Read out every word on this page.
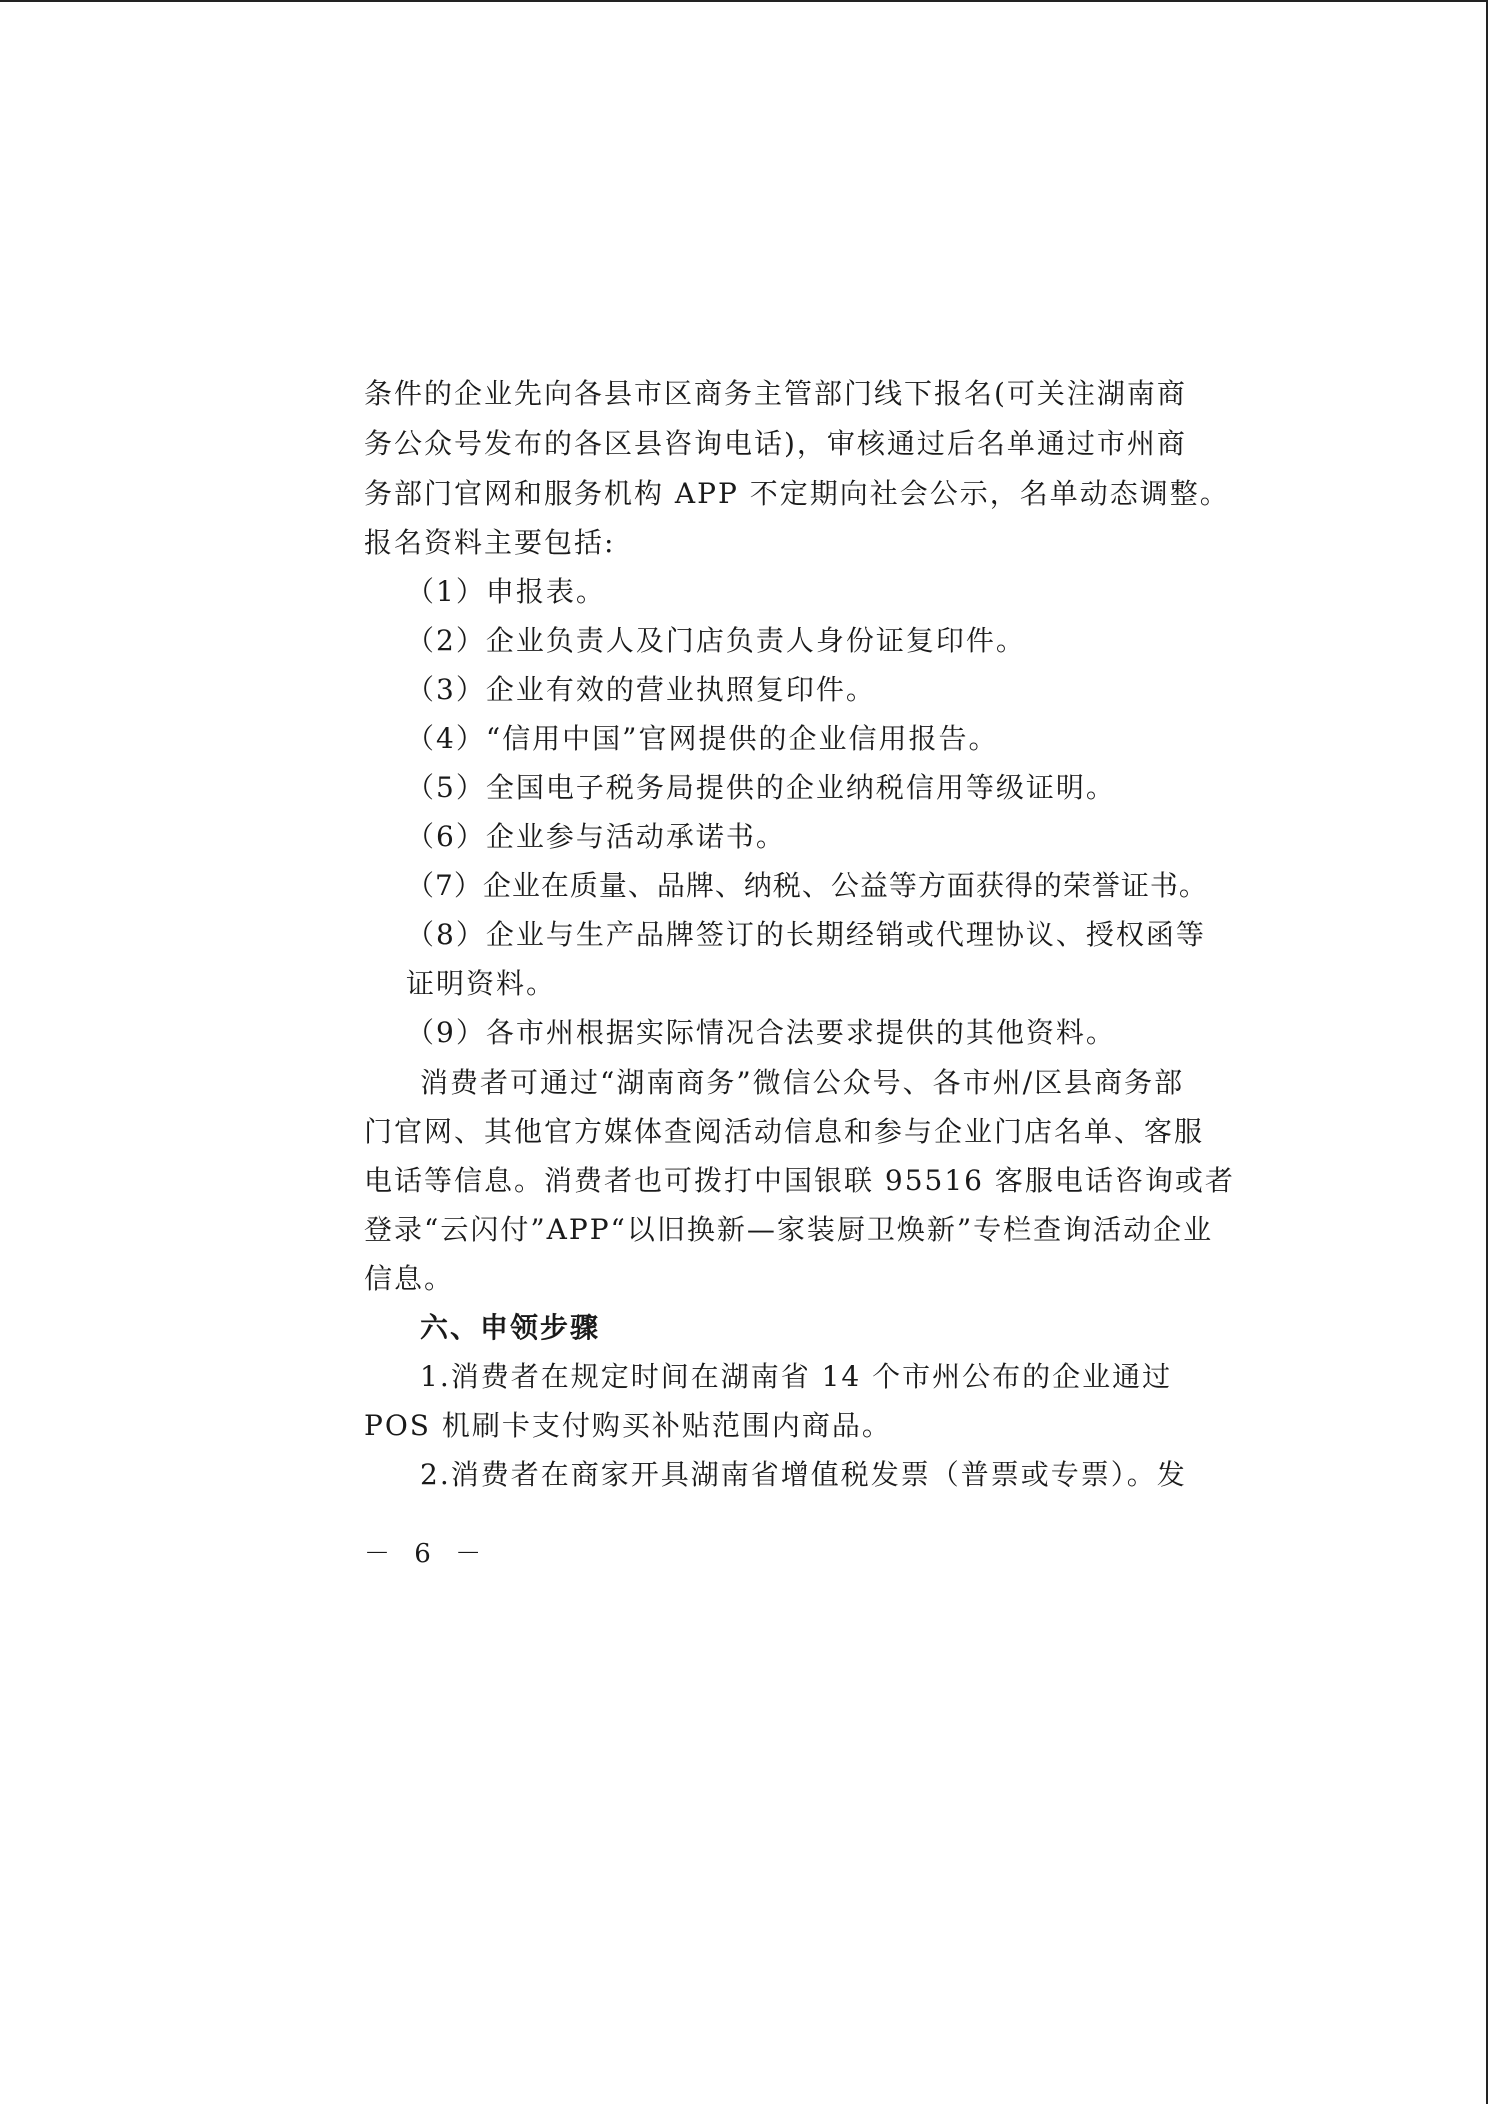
条件的企业先向各县市区商务主管部门线下报名(可关注湖南商
务公众号发布的各区县咨询电话)，审核通过后名单通过市州商
务部门官网和服务机构 APP 不定期向社会公示，名单动态调整。
报名资料主要包括:
（1）申报表。
（2）企业负责人及门店负责人身份证复印件。
（3）企业有效的营业执照复印件。
（4）“信用中国”官网提供的企业信用报告。
（5）全国电子税务局提供的企业纳税信用等级证明。
（6）企业参与活动承诺书。
（7）企业在质量、品牌、纳税、公益等方面获得的荣誉证书。
（8）企业与生产品牌签订的长期经销或代理协议、授权函等
证明资料。
（9）各市州根据实际情况合法要求提供的其他资料。
消费者可通过“湖南商务”微信公众号、各市州/区县商务部
门官网、其他官方媒体查阅活动信息和参与企业门店名单、客服
电话等信息。消费者也可拨打中国银联 95516 客服电话咨询或者
登录“云闪付”APP“以旧换新—家装厨卫焕新”专栏查询活动企业
信息。
六、申领步骤
1.消费者在规定时间在湖南省 14 个市州公布的企业通过
POS 机刷卡支付购买补贴范围内商品。
2.消费者在商家开具湖南省增值税发票（普票或专票）。发
－ 6 －
